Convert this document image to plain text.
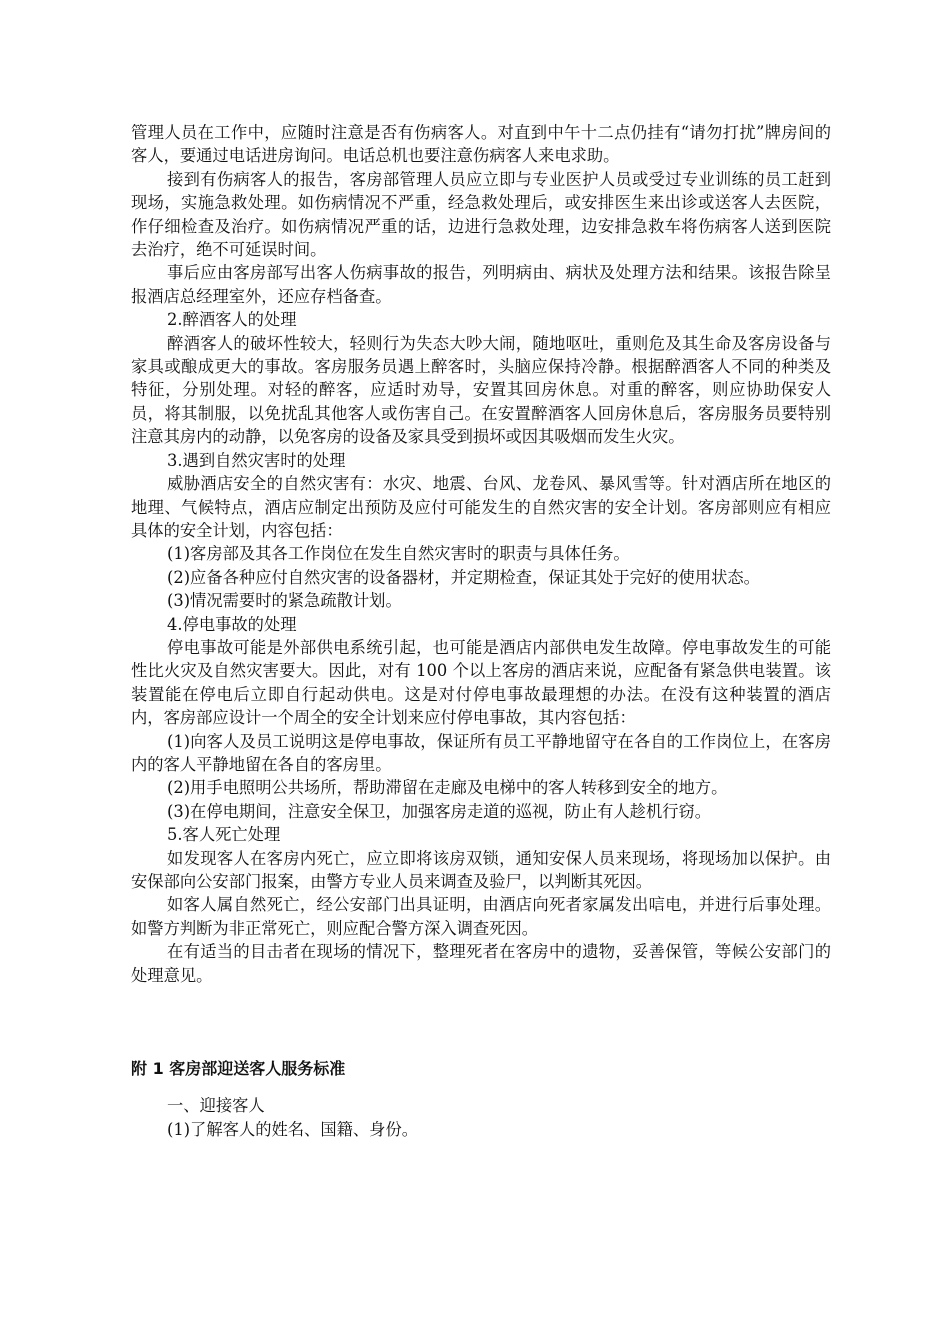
管理人员在工作中，应随时注意是否有伤病客人。对直到中午十二点仍挂有“请勿打扰”牌房间的客人，要通过电话进房询问。电话总机也要注意伤病客人来电求助。

接到有伤病客人的报告，客房部管理人员应立即与专业医护人员或受过专业训练的员工赶到现场，实施急救处理。如伤病情况不严重，经急救处理后，或安排医生来出诊或送客人去医院，作仔细检查及治疗。如伤病情况严重的话，边进行急救处理，边安排急救车将伤病客人送到医院去治疗，绝不可延误时间。

事后应由客房部写出客人伤病事故的报告，列明病由、病状及处理方法和结果。该报告除呈报酒店总经理室外，还应存档备查。

2.醉酒客人的处理

醉酒客人的破坏性较大，轻则行为失态大吵大闹，随地呕吐，重则危及其生命及客房设备与家具或酿成更大的事故。客房服务员遇上醉客时，头脑应保持冷静。根据醉酒客人不同的种类及特征，分别处理。对轻的醉客，应适时劝导，安置其回房休息。对重的醉客，则应协助保安人员，将其制服，以免扰乱其他客人或伤害自己。在安置醉酒客人回房休息后，客房服务员要特别注意其房内的动静，以免客房的设备及家具受到损坏或因其吸烟而发生火灾。

3.遇到自然灾害时的处理

威胁酒店安全的自然灾害有：水灾、地震、台风、龙卷风、暴风雪等。针对酒店所在地区的地理、气候特点，酒店应制定出预防及应付可能发生的自然灾害的安全计划。客房部则应有相应具体的安全计划，内容包括：

(1)客房部及其各工作岗位在发生自然灾害时的职责与具体任务。

(2)应备各种应付自然灾害的设备器材，并定期检查，保证其处于完好的使用状态。

(3)情况需要时的紧急疏散计划。

4.停电事故的处理

停电事故可能是外部供电系统引起，也可能是酒店内部供电发生故障。停电事故发生的可能性比火灾及自然灾害要大。因此，对有 100 个以上客房的酒店来说，应配备有紧急供电装置。该装置能在停电后立即自行起动供电。这是对付停电事故最理想的办法。在没有这种装置的酒店内，客房部应设计一个周全的安全计划来应付停电事故，其内容包括：

(1)向客人及员工说明这是停电事故，保证所有员工平静地留守在各自的工作岗位上，在客房内的客人平静地留在各自的客房里。

(2)用手电照明公共场所，帮助滞留在走廊及电梯中的客人转移到安全的地方。

(3)在停电期间，注意安全保卫，加强客房走道的巡视，防止有人趁机行窃。

5.客人死亡处理

如发现客人在客房内死亡，应立即将该房双锁，通知安保人员来现场，将现场加以保护。由安保部向公安部门报案，由警方专业人员来调查及验尸，以判断其死因。

如客人属自然死亡，经公安部门出具证明，由酒店向死者家属发出唁电，并进行后事处理。如警方判断为非正常死亡，则应配合警方深入调查死因。

在有适当的目击者在现场的情况下，整理死者在客房中的遗物，妥善保管，等候公安部门的处理意见。

附 1 客房部迎送客人服务标准

一、迎接客人

(1)了解客人的姓名、国籍、身份。
